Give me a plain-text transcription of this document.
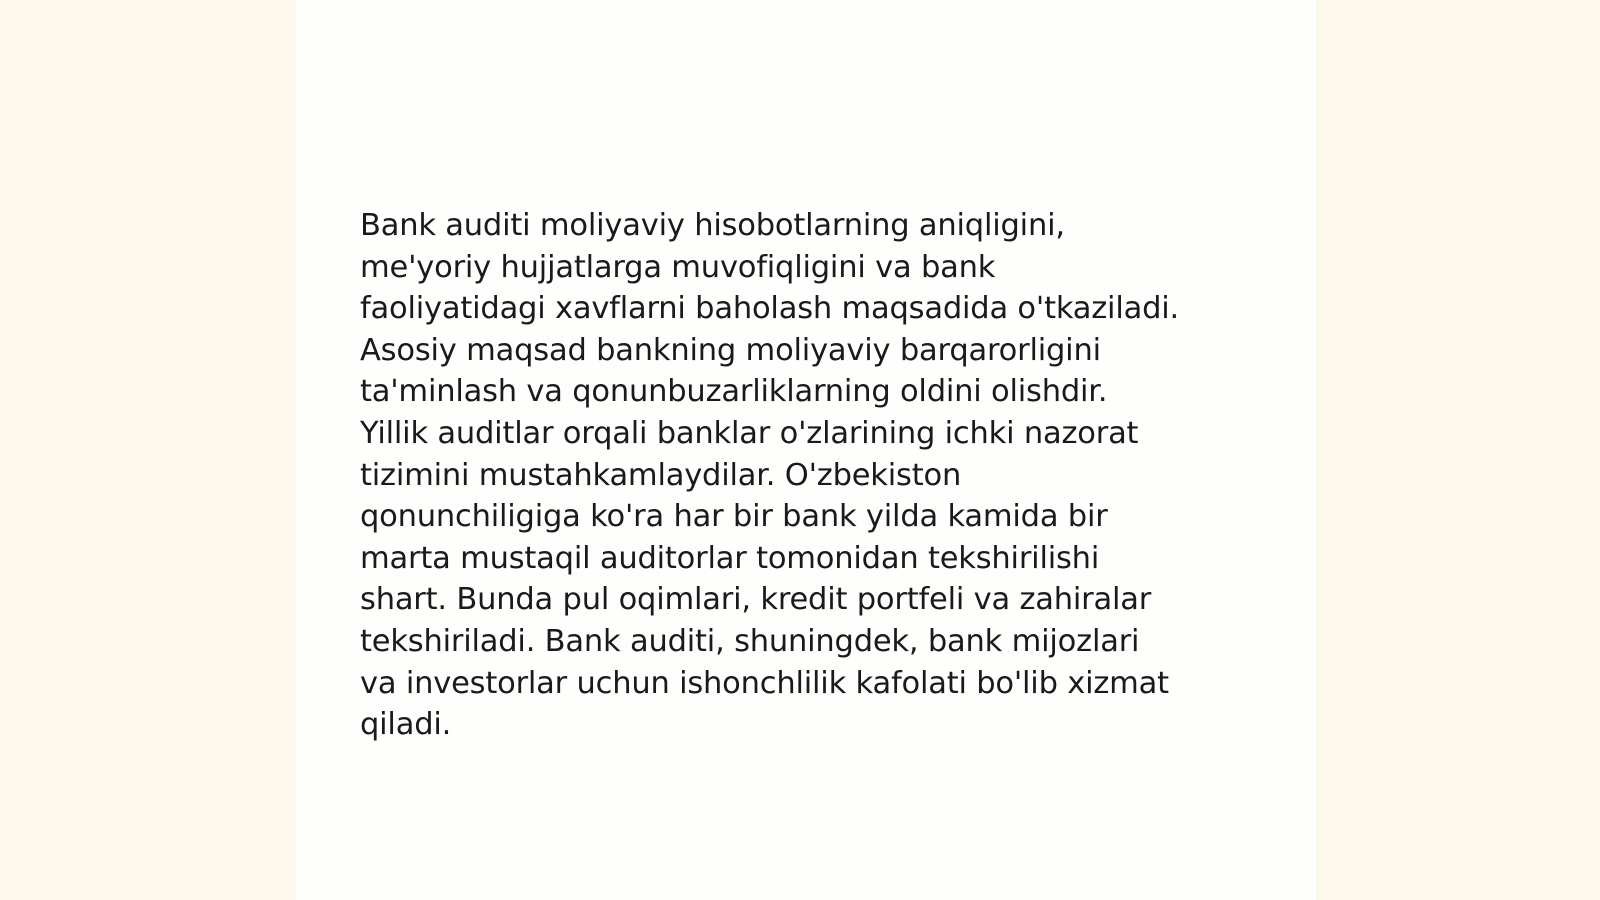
Bank auditi moliyaviy hisobotlarning aniqligini,
me'yoriy hujjatlarga muvofiqligini va bank
faoliyatidagi xavflarni baholash maqsadida o'tkaziladi.
Asosiy maqsad bankning moliyaviy barqarorligini
ta'minlash va qonunbuzarliklarning oldini olishdir.
Yillik auditlar orqali banklar o'zlarining ichki nazorat
tizimini mustahkamlaydilar. O'zbekiston
qonunchiligiga ko'ra har bir bank yilda kamida bir
marta mustaqil auditorlar tomonidan tekshirilishi
shart. Bunda pul oqimlari, kredit portfeli va zahiralar
tekshiriladi. Bank auditi, shuningdek, bank mijozlari
va investorlar uchun ishonchlilik kafolati bo'lib xizmat
qiladi.
